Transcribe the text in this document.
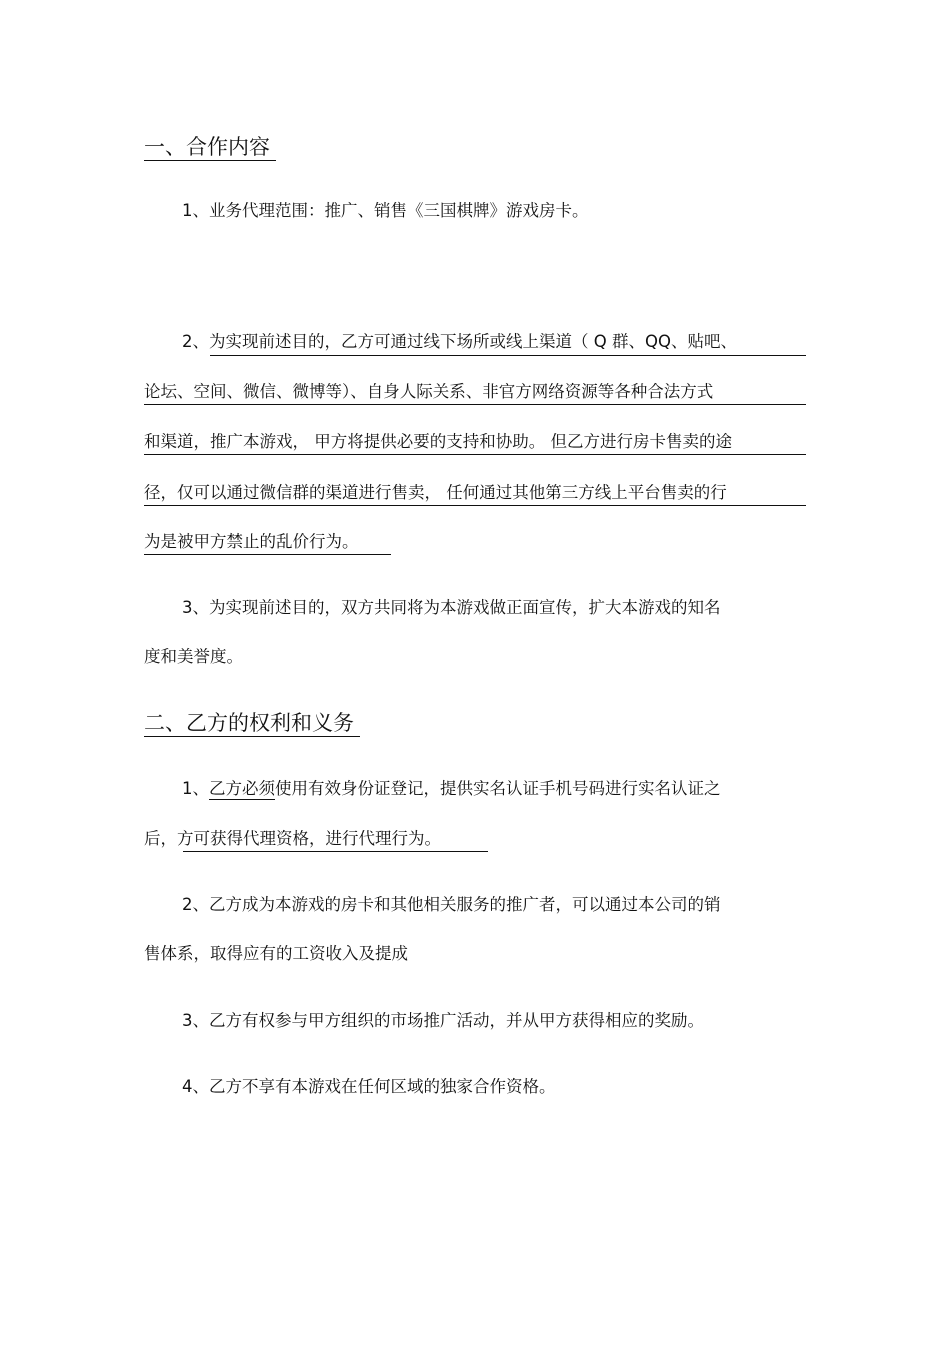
一、合作内容
1、业务代理范围：推广、销售《三国棋牌》游戏房卡。
2、为实现前述目的，乙方可通过线下场所或线上渠道（ Q 群、QQ、贴吧、
论坛、空间、微信、微博等）、自身人际关系、非官方网络资源等各种合法方式
和渠道，推广本游戏， 甲方将提供必要的支持和协助。 但乙方进行房卡售卖的途
径，仅可以通过微信群的渠道进行售卖， 任何通过其他第三方线上平台售卖的行
为是被甲方禁止的乱价行为。
3、为实现前述目的，双方共同将为本游戏做正面宣传，扩大本游戏的知名
度和美誉度。
二、乙方的权利和义务
1、乙方必须使用有效身份证登记，提供实名认证手机号码进行实名认证之
后，方可获得代理资格，进行代理行为。
2、乙方成为本游戏的房卡和其他相关服务的推广者，可以通过本公司的销
售体系，取得应有的工资收入及提成
3、乙方有权参与甲方组织的市场推广活动，并从甲方获得相应的奖励。
4、乙方不享有本游戏在任何区域的独家合作资格。
